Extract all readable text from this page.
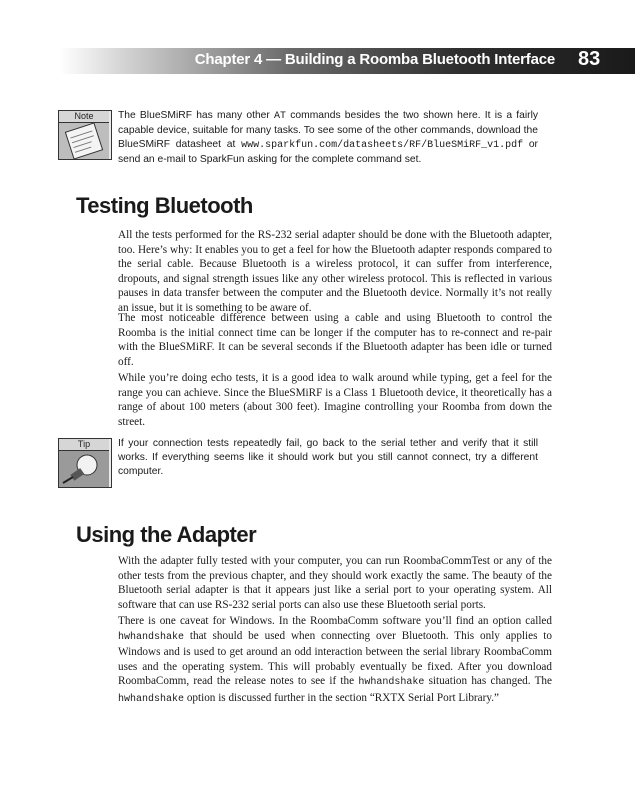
Chapter 4 — Building a Roomba Bluetooth Interface 83
Note	The BlueSMiRF has many other AT commands besides the two shown here. It is a fairly capable device, suitable for many tasks. To see some of the other commands, download the BlueSMiRF datasheet at www.sparkfun.com/datasheets/RF/BlueSMiRF_v1.pdf or send an e-mail to SparkFun asking for the complete command set.
Testing Bluetooth

All the tests performed for the RS-232 serial adapter should be done with the Bluetooth adapter, too. Here’s why: It enables you to get a feel for how the Bluetooth adapter responds compared to the serial cable. Because Bluetooth is a wireless protocol, it can suffer from interference, dropouts, and signal strength issues like any other wireless protocol. This is reflected in various pauses in data transfer between the computer and the Bluetooth device. Normally it’s not really an issue, but it is something to be aware of.

The most noticeable difference between using a cable and using Bluetooth to control the Roomba is the initial connect time can be longer if the computer has to re-connect and re-pair with the BlueSMiRF. It can be several seconds if the Bluetooth adapter has been idle or turned off.

While you’re doing echo tests, it is a good idea to walk around while typing, get a feel for the range you can achieve. Since the BlueSMiRF is a Class 1 Bluetooth device, it theoretically has a range of about 100 meters (about 300 feet). Imagine controlling your Roomba from down the street.

Tip	If your connection tests repeatedly fail, go back to the serial tether and verify that it still works. If everything seems like it should work but you still cannot connect, try a different computer.
Using the Adapter

With the adapter fully tested with your computer, you can run RoombaCommTest or any of the other tests from the previous chapter, and they should work exactly the same. The beauty of the Bluetooth serial adapter is that it appears just like a serial port to your operating system. All software that can use RS-232 serial ports can also use these Bluetooth serial ports.

There is one caveat for Windows. In the RoombaComm software you’ll find an option called hwhandshake that should be used when connecting over Bluetooth. This only applies to Windows and is used to get around an odd interaction between the serial library RoombaComm uses and the operating system. This will probably eventually be fixed. After you download RoombaComm, read the release notes to see if the hwhandshake situation has changed. The hwhandshake option is discussed further in the section “RXTX Serial Port Library.”
